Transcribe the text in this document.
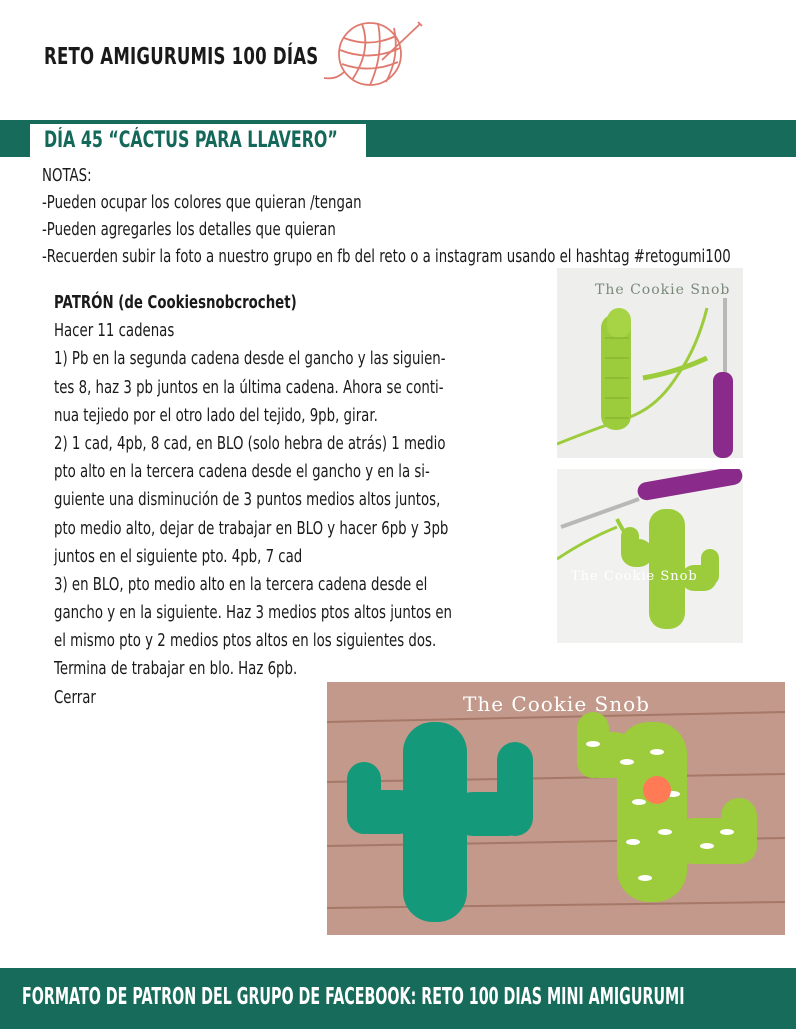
RETO AMIGURUMIS 100 DÍAS
DÍA 45 “CÁCTUS PARA LLAVERO”
NOTAS:
-Pueden ocupar los colores que quieran /tengan
-Pueden agregarles los detalles que quieran
-Recuerden subir la foto a nuestro grupo en fb del reto o a instagram usando el hashtag #retogumi100
PATRÓN (de Cookiesnobcrochet)
Hacer 11 cadenas
1) Pb en la segunda cadena desde el gancho y las siguien-
tes 8, haz 3 pb juntos en la última cadena. Ahora se conti-
nua tejiedo por el otro lado del tejido, 9pb, girar.
2) 1 cad, 4pb, 8 cad, en BLO (solo hebra de atrás) 1 medio
pto alto en la tercera cadena desde el gancho y en la si-
guiente una disminución de 3 puntos medios altos juntos,
pto medio alto, dejar de trabajar en BLO y hacer 6pb y 3pb
juntos en el siguiente pto. 4pb, 7 cad
3) en BLO, pto medio alto en la tercera cadena desde el
gancho y en la siguiente. Haz 3 medios ptos altos juntos en
el mismo pto y 2 medios ptos altos en los siguientes dos.
Termina de trabajar en blo. Haz 6pb.
Cerrar
The Cookie Snob
The Cookie Snob
The Cookie Snob
FORMATO DE PATRON DEL GRUPO DE FACEBOOK: RETO 100 DIAS MINI AMIGURUMI
